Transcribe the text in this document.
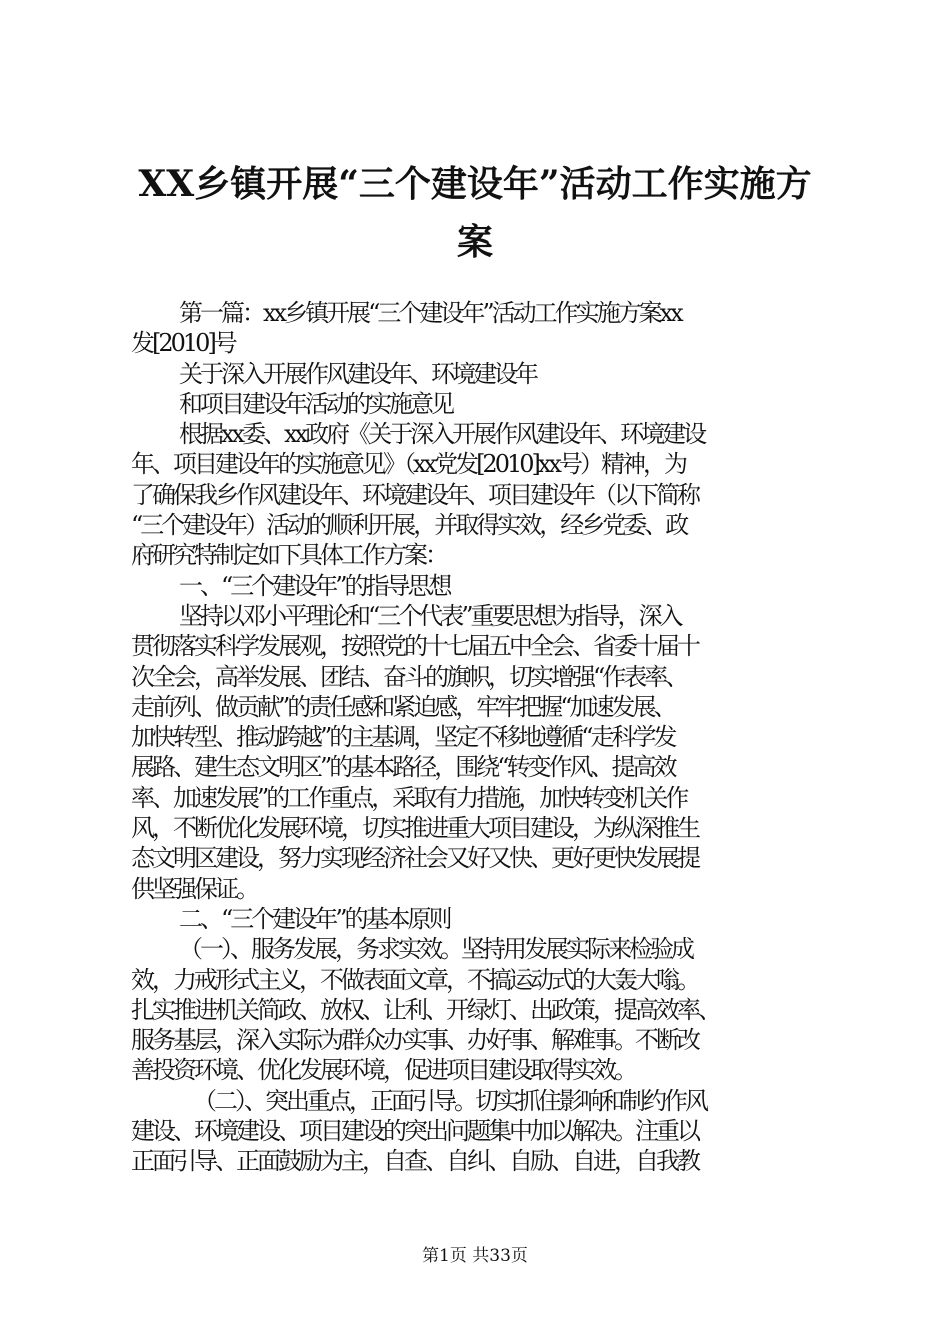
XX乡镇开展“三个建设年”活动工作实施方
案
第一篇：xx乡镇开展“三个建设年”活动工作实施方案xx
发[2010]号
关于深入开展作风建设年、环境建设年
和项目建设年活动的实施意见
根据xx委、xx政府《关于深入开展作风建设年、环境建设
年、项目建设年的实施意见》（xx党发[2010]xx号）精神，为
了确保我乡作风建设年、环境建设年、项目建设年（以下简称
“三个建设年）活动的顺利开展，并取得实效，经乡党委、政
府研究特制定如下具体工作方案：
一、“三个建设年”的指导思想
坚持以邓小平理论和“三个代表”重要思想为指导，深入
贯彻落实科学发展观，按照党的十七届五中全会、省委十届十
次全会，高举发展、团结、奋斗的旗帜，切实增强“作表率、
走前列、做贡献”的责任感和紧迫感，牢牢把握“加速发展、
加快转型、推动跨越”的主基调，坚定不移地遵循“走科学发
展路、建生态文明区”的基本路径，围绕“转变作风、提高效
率、加速发展”的工作重点，采取有力措施，加快转变机关作
风，不断优化发展环境，切实推进重大项目建设，为纵深推生
态文明区建设，努力实现经济社会又好又快、更好更快发展提
供坚强保证。
二、“三个建设年”的基本原则
（一）、服务发展，务求实效。坚持用发展实际来检验成
效，力戒形式主义，不做表面文章，不搞运动式的大轰大嗡。
扎实推进机关简政、放权、让利、开绿灯、出政策，提高效率、
服务基层，深入实际为群众办实事、办好事、解难事。不断改
善投资环境、优化发展环境，促进项目建设取得实效。
（二）、突出重点，正面引导。切实抓住影响和制约作风
建设、环境建设、项目建设的突出问题集中加以解决。注重以
正面引导、正面鼓励为主，自查、自纠、自励、自进，自我教
第1页 共33页
